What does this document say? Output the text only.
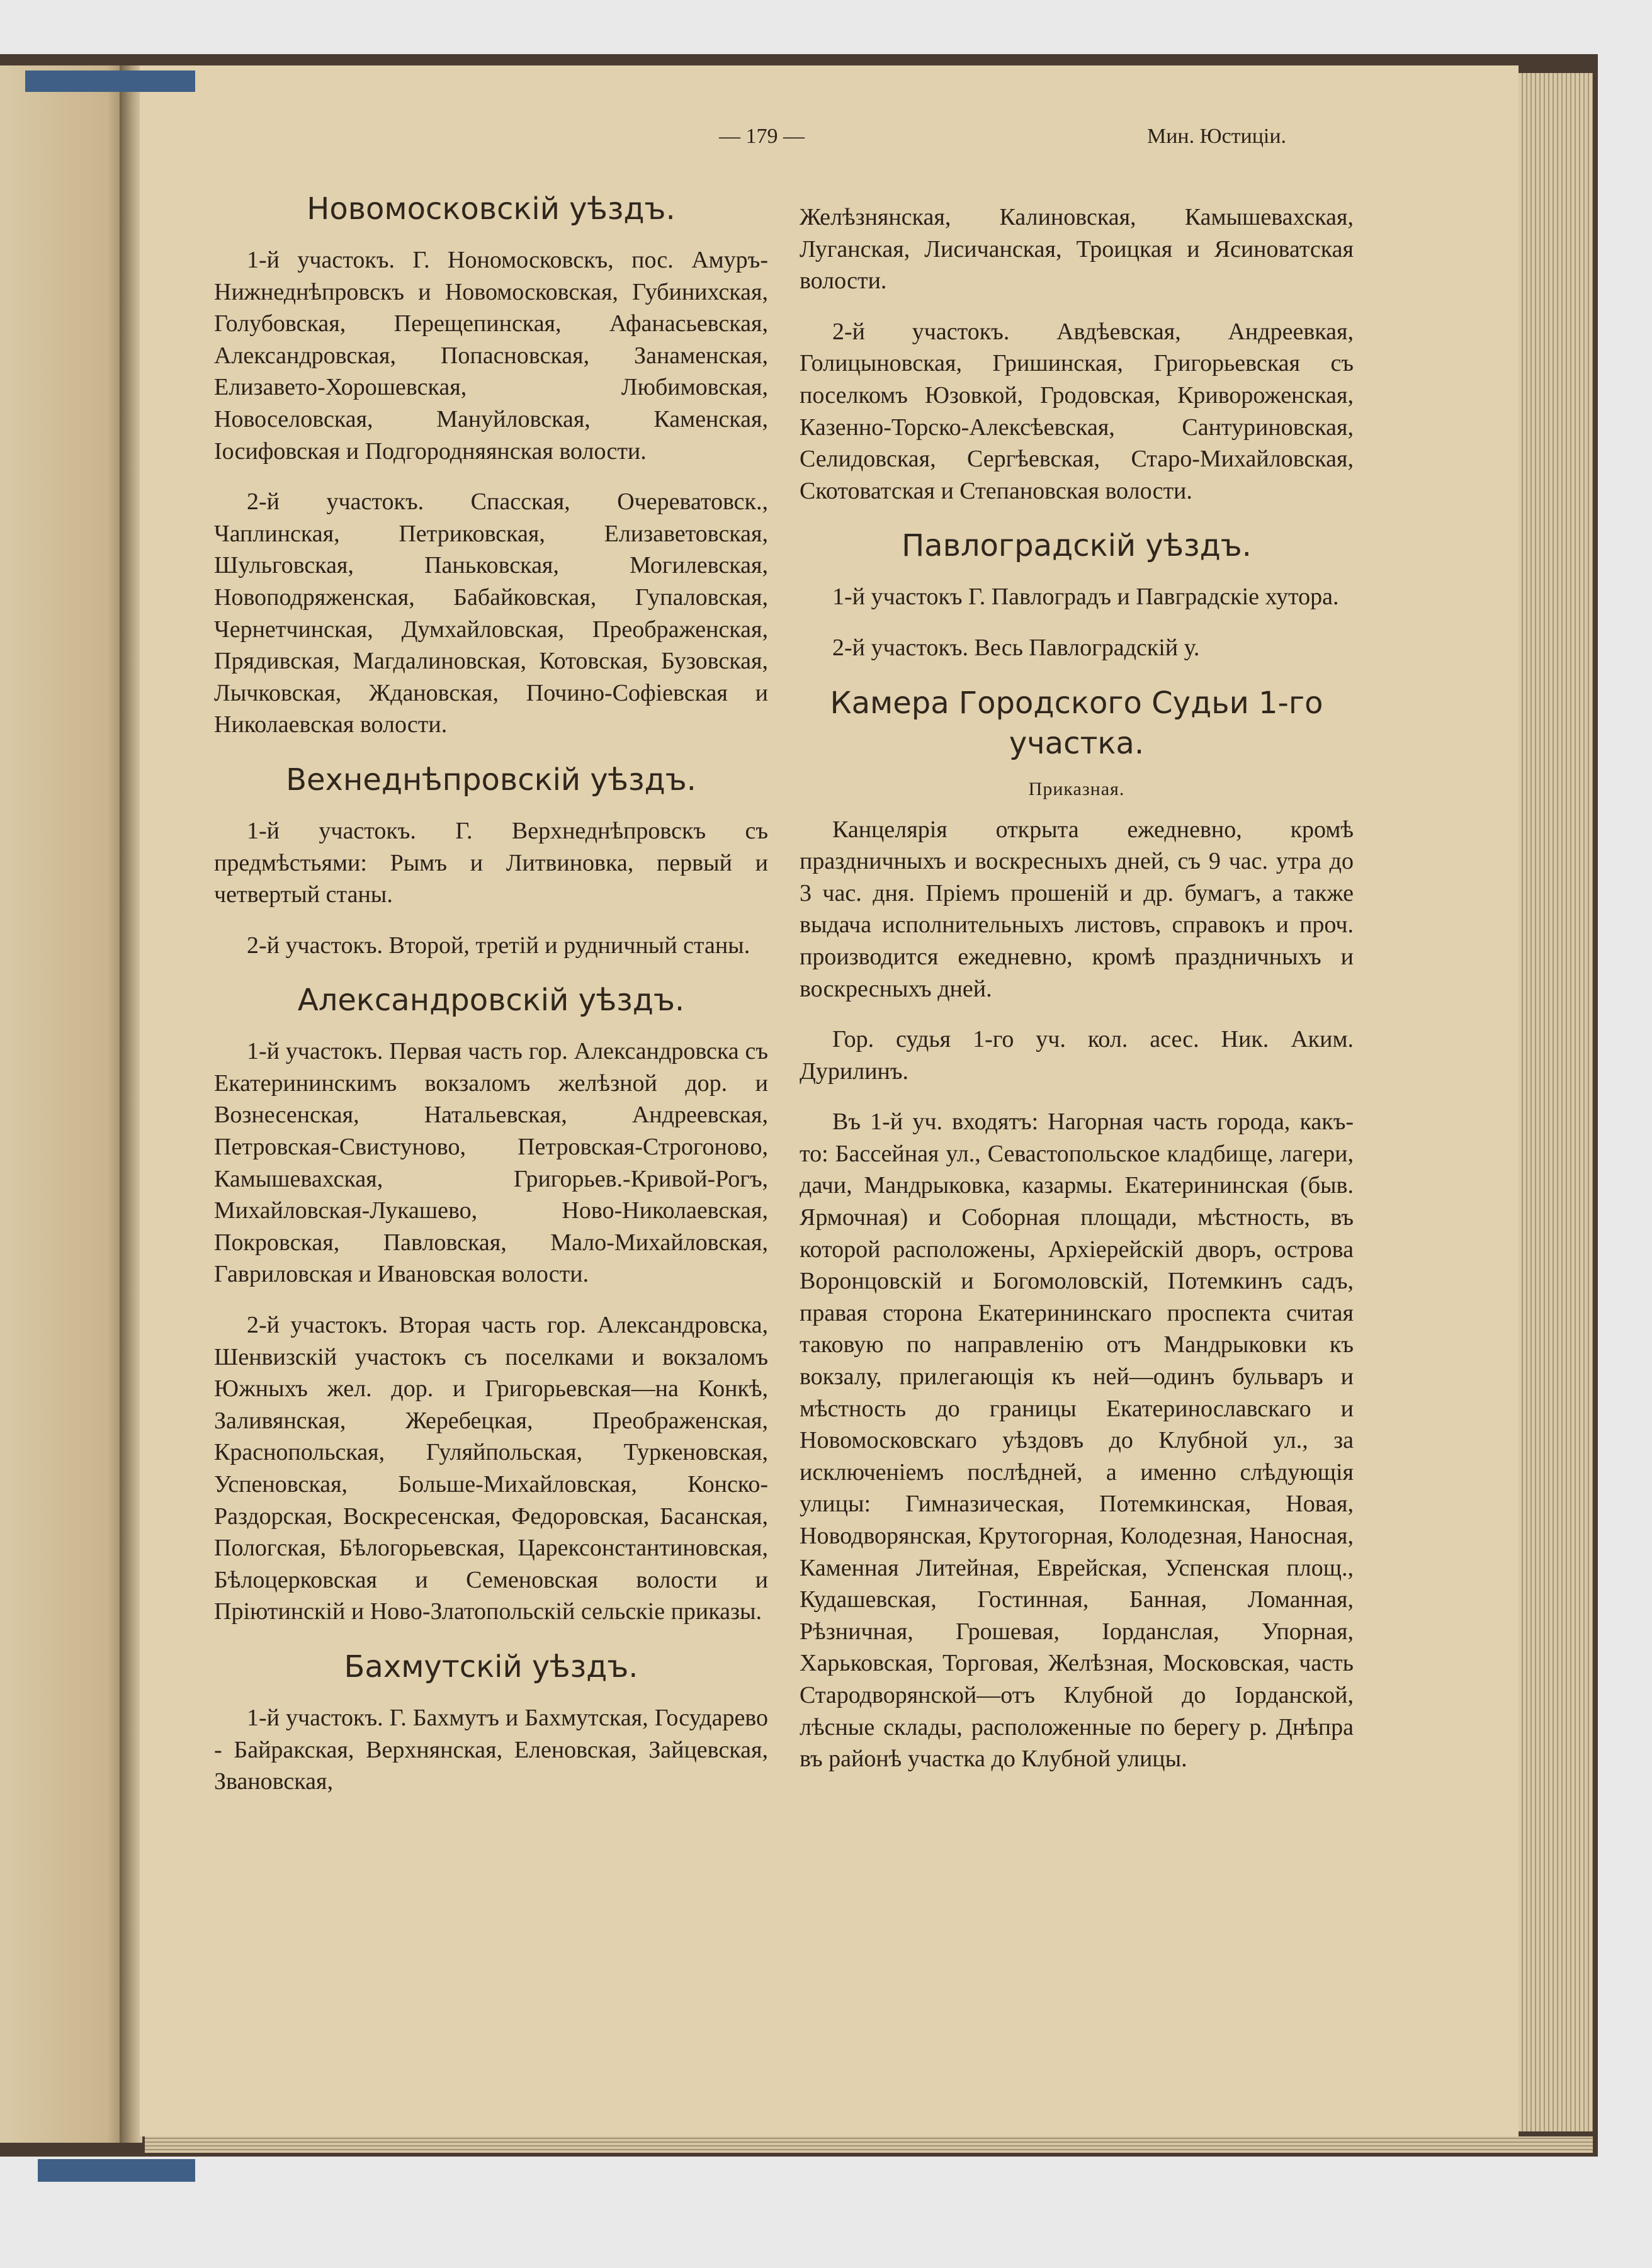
— 179 —	Мин. Юстиціи.
Новомосковскій уѣздъ.

1-й участокъ. Г. Нономосковскъ, пос. Амуръ-Нижнеднѣпровскъ и Новомосковская, Губинихская, Голубовская, Перещепинская, Афанасьевская, Александровская, Попасновская, Занаменская, Елизавето-Хорошевская, Любимовская, Новоселовская, Мануйловская, Каменская, Іосифовская и Подгородняянская волости.

2-й участокъ. Спасская, Очереватовск., Чаплинская, Петриковская, Елизаветовская, Шульговская, Паньковская, Могилевская, Новоподряженская, Бабайковская, Гупаловская, Чернетчинская, Думхайловская, Преображенская, Прядивская, Магдалиновская, Котовская, Бузовская, Лычковская, Ждановская, Почино-Софіевская и Николаевская волости.

Вехнеднѣпровскій уѣздъ.

1-й участокъ. Г. Верхнеднѣпровскъ съ предмѣстьями: Рымъ и Литвиновка, первый и четвертый станы.

2-й участокъ. Второй, третій и рудничный станы.

Александровскій уѣздъ.

1-й участокъ. Первая часть гор. Александровска съ Екатерининскимъ вокзаломъ желѣзной дор. и Вознесенская, Натальевская, Андреевская, Петровская-Свистуново, Петровская-Строгоново, Камышевахская, Григорьев.-Кривой-Рогъ, Михайловская-Лукашево, Ново-Николаевская, Покровская, Павловская, Мало-Михайловская, Гавриловская и Ивановская волости.

2-й участокъ. Вторая часть гор. Александровска, Шенвизскій участокъ съ поселками и вокзаломъ Южныхъ жел. дор. и Григорьевская—на Конкѣ, Заливянская, Жеребецкая, Преображенская, Краснопольская, Гуляйпольская, Туркеновская, Успеновская, Больше-Михайловская, Конско-Раздорская, Воскресенская, Федоровская, Басанская, Пологская, Бѣлогорьевская, Царексонстантиновская, Бѣлоцерковская и Семеновская волости и Пріютинскій и Ново-Златопольскій сельскіе приказы.

Бахмутскій уѣздъ.

1-й участокъ. Г. Бахмутъ и Бахмутская, Государево - Байракская, Верхнянская, Еленовская, Зайцевская, Звановская,

Желѣзнянская, Калиновская, Камышевахская, Луганская, Лисичанская, Троицкая и Ясиноватская волости.

2-й участокъ. Авдѣевская, Андреевкая, Голицыновская, Гришинская, Григорьевская съ поселкомъ Юзовкой, Гродовская, Кривороженская, Казенно-Торско-Алексѣевская, Сантуриновская, Селидовская, Сергѣевская, Старо-Михайловская, Скотоватская и Степановская волости.

Павлоградскій уѣздъ.

1-й участокъ Г. Павлоградъ и Павградскіе хутора.

2-й участокъ. Весь Павлоградскій у.

Камера Городского Судьи 1-го участка.
Приказная.

Канцелярія открыта ежедневно, кромѣ праздничныхъ и воскресныхъ дней, съ 9 час. утра до 3 час. дня. Пріемъ прошеній и др. бумагъ, а также выдача исполнительныхъ листовъ, справокъ и проч. производится ежедневно, кромѣ праздничныхъ и воскресныхъ дней.

Гор. судья 1-го уч. кол. асес. Ник. Аким. Дурилинъ.

Въ 1-й уч. входятъ: Нагорная часть города, какъ-то: Бассейная ул., Севастопольское кладбище, лагери, дачи, Мандрыковка, казармы. Екатерининская (быв. Ярмочная) и Соборная площади, мѣстность, въ которой расположены, Архіерейскій дворъ, острова Воронцовскій и Богомоловскій, Потемкинъ садъ, правая сторона Екатерининскаго проспекта считая таковую по направленію отъ Мандрыковки къ вокзалу, прилегающія къ ней—одинъ бульваръ и мѣстность до границы Екатеринославскаго и Новомосковскаго уѣздовъ до Клубной ул., за исключеніемъ послѣдней, а именно слѣдующія улицы: Гимназическая, Потемкинская, Новая, Новодворянская, Крутогорная, Колодезная, Наносная, Каменная Литейная, Еврейская, Успенская площ., Кудашевская, Гостинная, Банная, Ломанная, Рѣзничная, Грошевая, Іорданслая, Упорная, Харьковская, Торговая, Желѣзная, Московская, часть Стародворянской—отъ Клубной до Іорданской, лѣсные склады, расположенные по берегу р. Днѣпра въ районѣ участка до Клубной улицы.
